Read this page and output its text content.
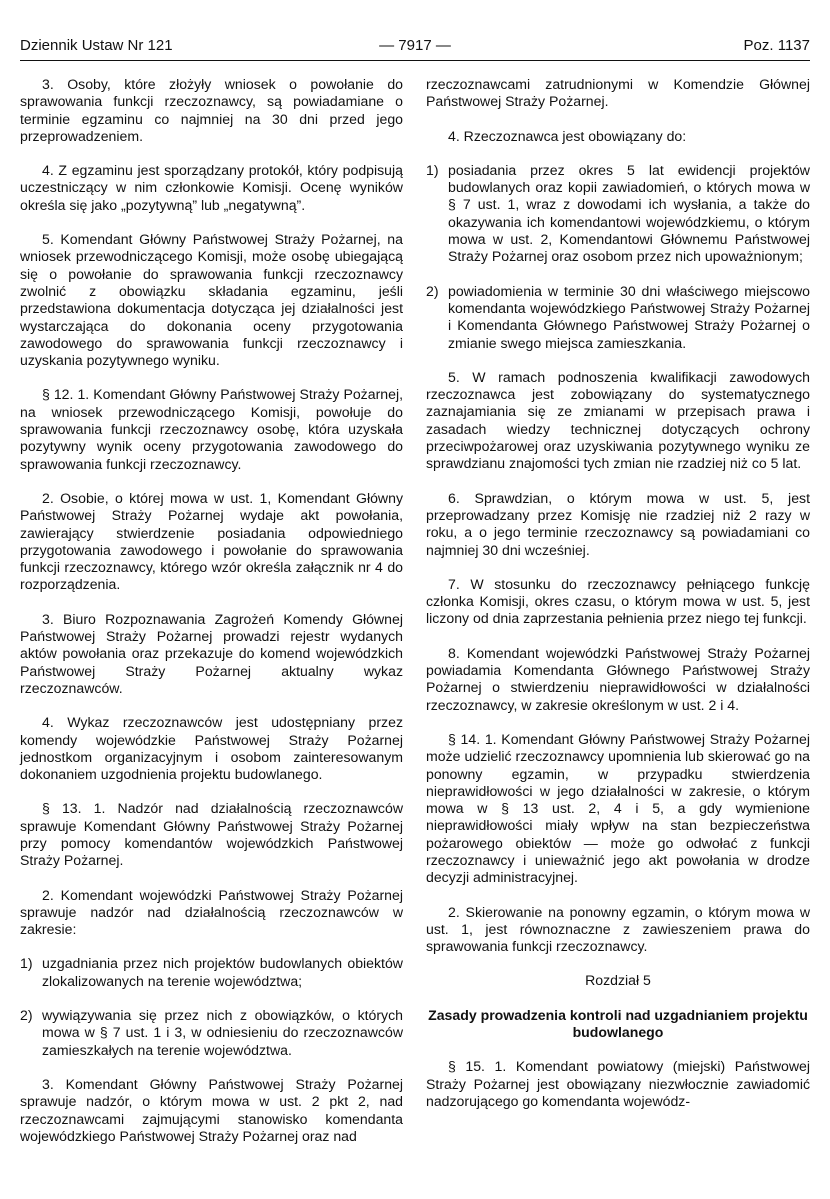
Dziennik Ustaw Nr 121	— 7917 —	Poz. 1137

3. Osoby, które złożyły wniosek o powołanie do sprawowania funkcji rzeczoznawcy, są powiadamiane o terminie egzaminu co najmniej na 30 dni przed jego przeprowadzeniem.

4. Z egzaminu jest sporządzany protokół, który podpisują uczestniczący w nim członkowie Komisji. Ocenę wyników określa się jako „pozytywną” lub „negatywną”.

5. Komendant Główny Państwowej Straży Pożarnej, na wniosek przewodniczącego Komisji, może osobę ubiegającą się o powołanie do sprawowania funkcji rzeczoznawcy zwolnić z obowiązku składania egzaminu, jeśli przedstawiona dokumentacja dotycząca jej działalności jest wystarczająca do dokonania oceny przygotowania zawodowego do sprawowania funkcji rzeczoznawcy i uzyskania pozytywnego wyniku.

§ 12. 1. Komendant Główny Państwowej Straży Pożarnej, na wniosek przewodniczącego Komisji, powołuje do sprawowania funkcji rzeczoznawcy osobę, która uzyskała pozytywny wynik oceny przygotowania zawodowego do sprawowania funkcji rzeczoznawcy.

2. Osobie, o której mowa w ust. 1, Komendant Główny Państwowej Straży Pożarnej wydaje akt powołania, zawierający stwierdzenie posiadania odpowiedniego przygotowania zawodowego i powołanie do sprawowania funkcji rzeczoznawcy, którego wzór określa załącznik nr 4 do rozporządzenia.

3. Biuro Rozpoznawania Zagrożeń Komendy Głównej Państwowej Straży Pożarnej prowadzi rejestr wydanych aktów powołania oraz przekazuje do komend wojewódzkich Państwowej Straży Pożarnej aktualny wykaz rzeczoznawców.

4. Wykaz rzeczoznawców jest udostępniany przez komendy wojewódzkie Państwowej Straży Pożarnej jednostkom organizacyjnym i osobom zainteresowanym dokonaniem uzgodnienia projektu budowlanego.

§ 13. 1. Nadzór nad działalnością rzeczoznawców sprawuje Komendant Główny Państwowej Straży Pożarnej przy pomocy komendantów wojewódzkich Państwowej Straży Pożarnej.

2. Komendant wojewódzki Państwowej Straży Pożarnej sprawuje nadzór nad działalnością rzeczoznawców w zakresie:

1) uzgadniania przez nich projektów budowlanych obiektów zlokalizowanych na terenie województwa;
2) wywiązywania się przez nich z obowiązków, o których mowa w § 7 ust. 1 i 3, w odniesieniu do rzeczoznawców zamieszkałych na terenie województwa.

3. Komendant Główny Państwowej Straży Pożarnej sprawuje nadzór, o którym mowa w ust. 2 pkt 2, nad rzeczoznawcami zajmującymi stanowisko komendanta wojewódzkiego Państwowej Straży Pożarnej oraz nad

rzeczoznawcami zatrudnionymi w Komendzie Głównej Państwowej Straży Pożarnej.

4. Rzeczoznawca jest obowiązany do:

1) posiadania przez okres 5 lat ewidencji projektów budowlanych oraz kopii zawiadomień, o których mowa w § 7 ust. 1, wraz z dowodami ich wysłania, a także do okazywania ich komendantowi wojewódzkiemu, o którym mowa w ust. 2, Komendantowi Głównemu Państwowej Straży Pożarnej oraz osobom przez nich upoważnionym;
2) powiadomienia w terminie 30 dni właściwego miejscowo komendanta wojewódzkiego Państwowej Straży Pożarnej i Komendanta Głównego Państwowej Straży Pożarnej o zmianie swego miejsca zamieszkania.

5. W ramach podnoszenia kwalifikacji zawodowych rzeczoznawca jest zobowiązany do systematycznego zaznajamiania się ze zmianami w przepisach prawa i zasadach wiedzy technicznej dotyczących ochrony przeciwpożarowej oraz uzyskiwania pozytywnego wyniku ze sprawdzianu znajomości tych zmian nie rzadziej niż co 5 lat.

6. Sprawdzian, o którym mowa w ust. 5, jest przeprowadzany przez Komisję nie rzadziej niż 2 razy w roku, a o jego terminie rzeczoznawcy są powiadamiani co najmniej 30 dni wcześniej.

7. W stosunku do rzeczoznawcy pełniącego funkcję członka Komisji, okres czasu, o którym mowa w ust. 5, jest liczony od dnia zaprzestania pełnienia przez niego tej funkcji.

8. Komendant wojewódzki Państwowej Straży Pożarnej powiadamia Komendanta Głównego Państwowej Straży Pożarnej o stwierdzeniu nieprawidłowości w działalności rzeczoznawcy, w zakresie określonym w ust. 2 i 4.

§ 14. 1. Komendant Główny Państwowej Straży Pożarnej może udzielić rzeczoznawcy upomnienia lub skierować go na ponowny egzamin, w przypadku stwierdzenia nieprawidłowości w jego działalności w zakresie, o którym mowa w § 13 ust. 2, 4 i 5, a gdy wymienione nieprawidłowości miały wpływ na stan bezpieczeństwa pożarowego obiektów — może go odwołać z funkcji rzeczoznawcy i unieważnić jego akt powołania w drodze decyzji administracyjnej.

2. Skierowanie na ponowny egzamin, o którym mowa w ust. 1, jest równoznaczne z zawieszeniem prawa do sprawowania funkcji rzeczoznawcy.

Rozdział 5

Zasady prowadzenia kontroli nad uzgadnianiem projektu budowlanego

§ 15. 1. Komendant powiatowy (miejski) Państwowej Straży Pożarnej jest obowiązany niezwłocznie zawiadomić nadzorującego go komendanta wojewódz-
